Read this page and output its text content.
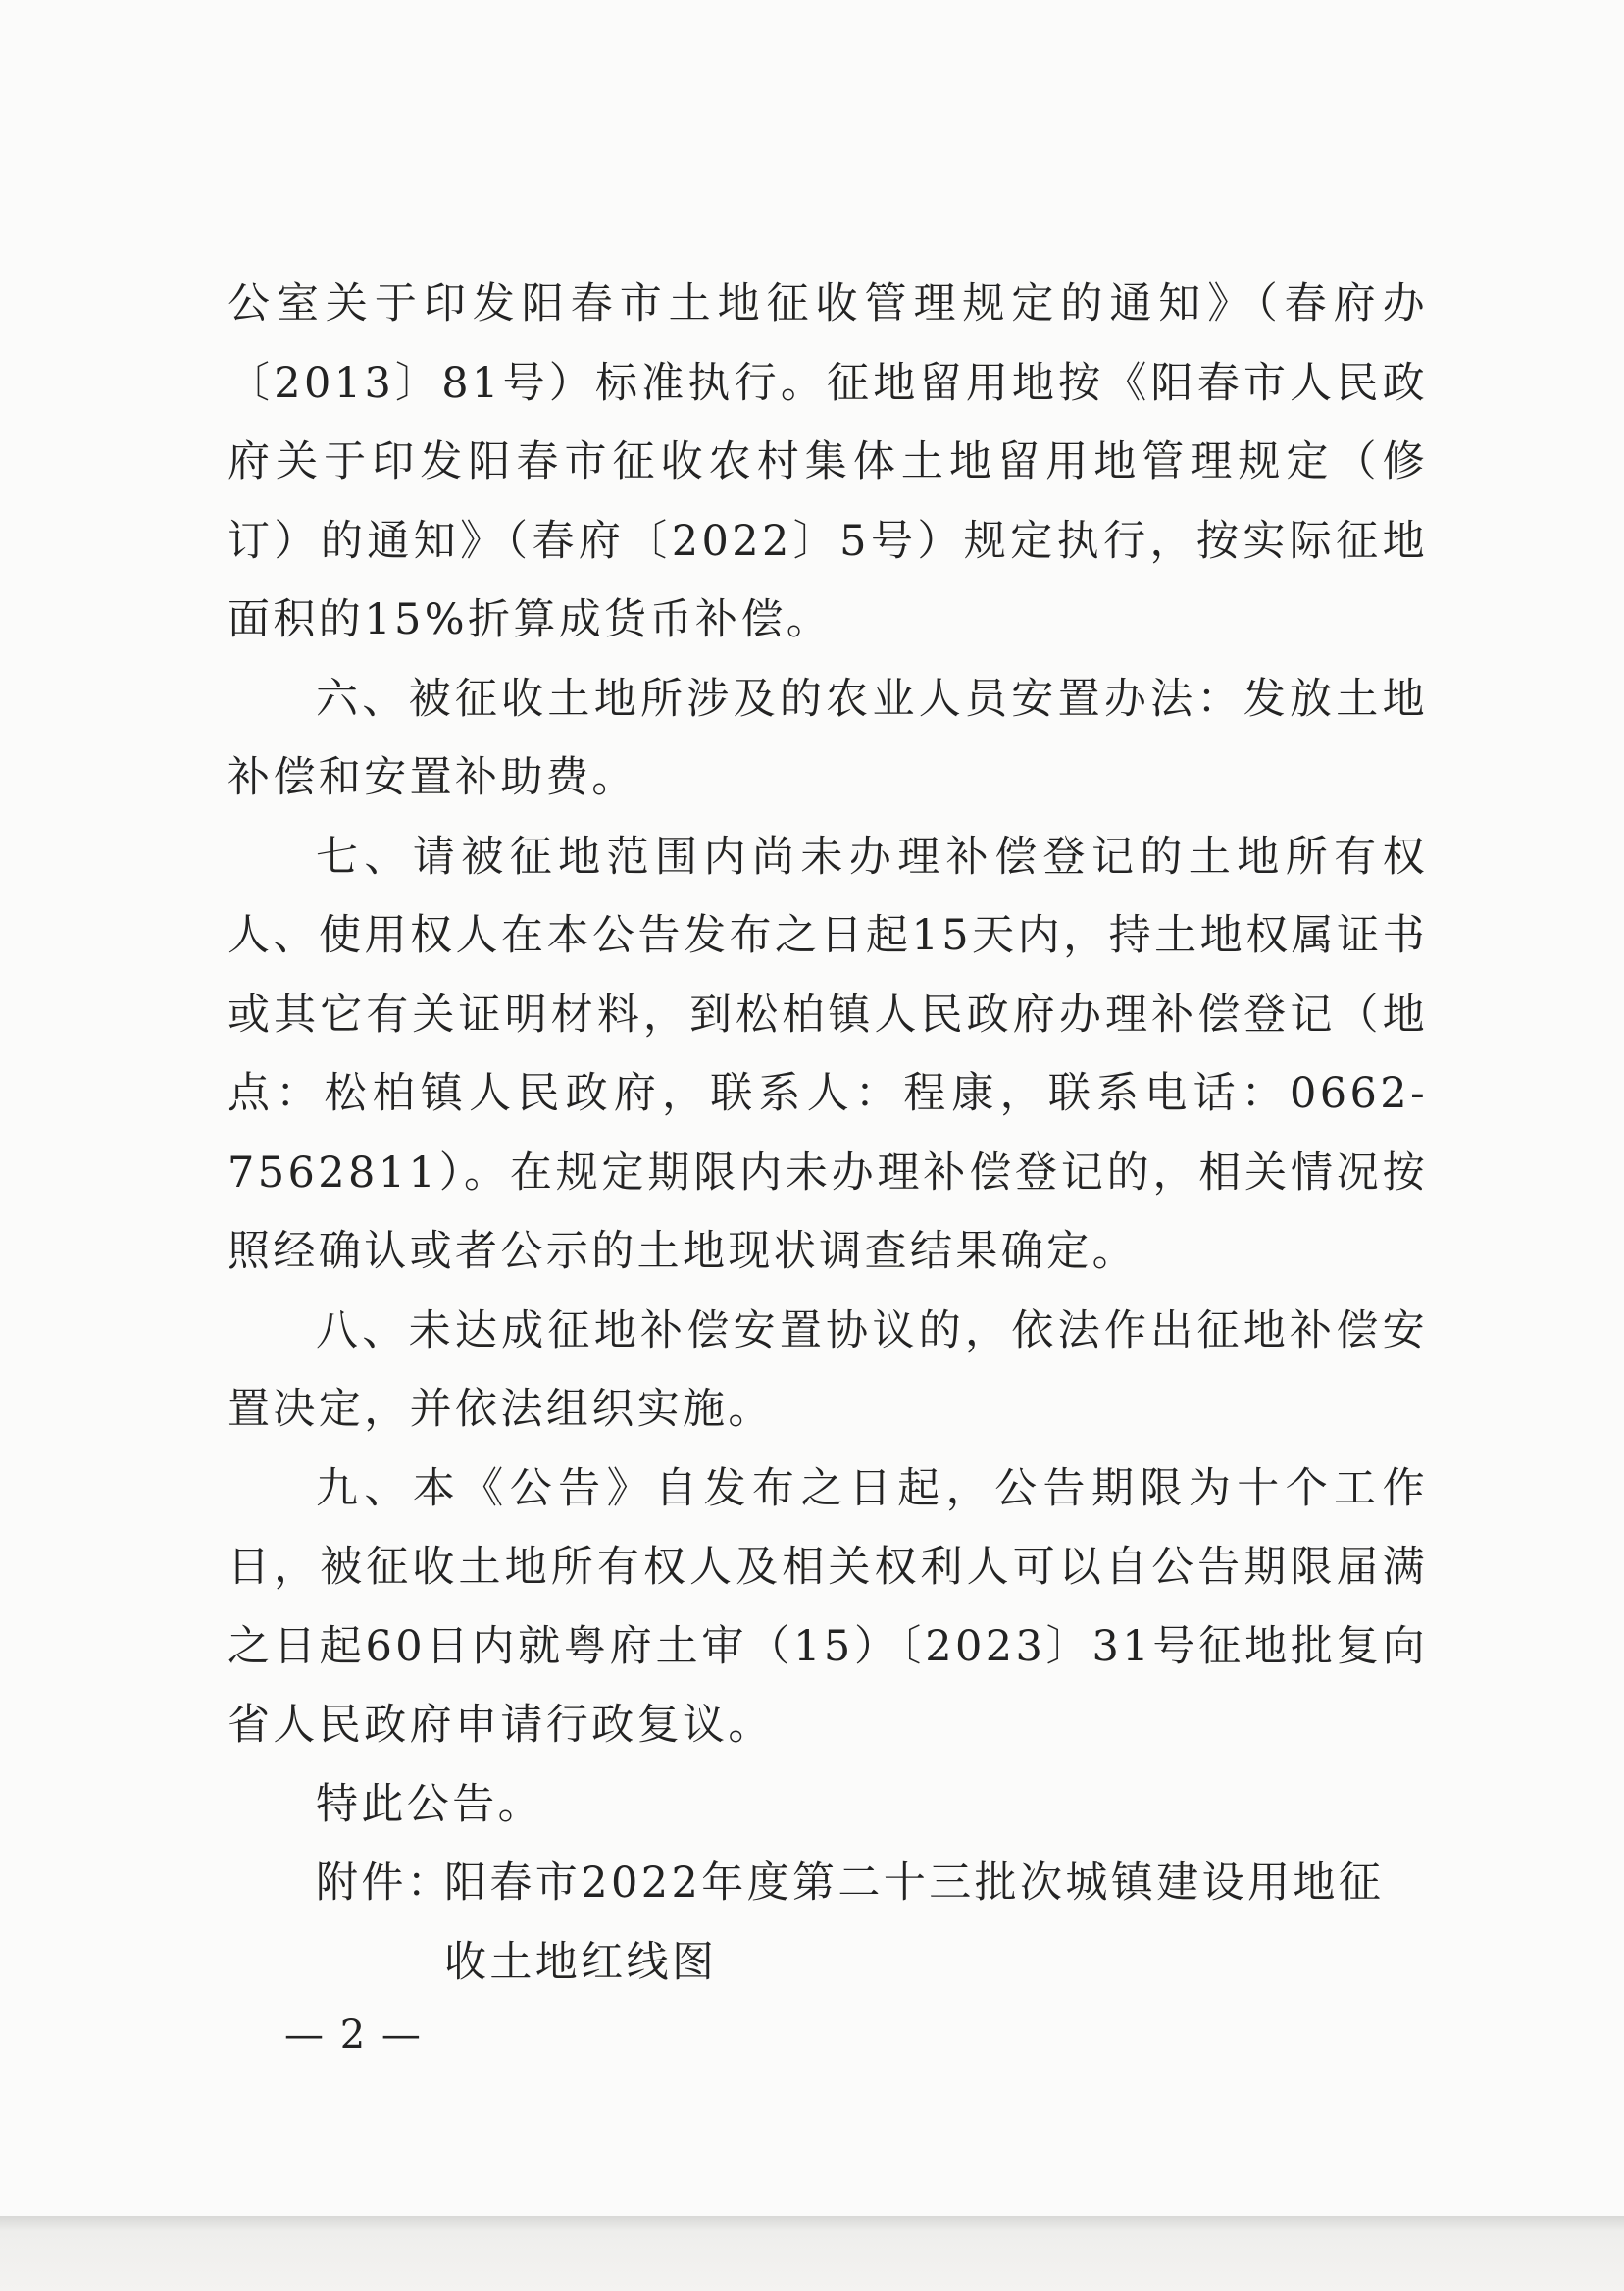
公室关于印发阳春市土地征收管理规定的通知》（春府办〔2013〕81号）标准执行。征地留用地按《阳春市人民政府关于印发阳春市征收农村集体土地留用地管理规定（修订）的通知》（春府〔2022〕5号）规定执行，按实际征地面积的15%折算成货币补偿。

六、被征收土地所涉及的农业人员安置办法：发放土地补偿和安置补助费。

七、请被征地范围内尚未办理补偿登记的土地所有权人、使用权人在本公告发布之日起15天内，持土地权属证书或其它有关证明材料，到松柏镇人民政府办理补偿登记（地点：松柏镇人民政府，联系人：程康，联系电话：0662-7562811）。在规定期限内未办理补偿登记的，相关情况按照经确认或者公示的土地现状调查结果确定。

八、未达成征地补偿安置协议的，依法作出征地补偿安置决定，并依法组织实施。

九、本《公告》自发布之日起，公告期限为十个工作日，被征收土地所有权人及相关权利人可以自公告期限届满之日起60日内就粤府土审（15）〔2023〕31号征地批复向省人民政府申请行政复议。

特此公告。

附件：
阳春市2022年度第二十三批次城镇建设用地征收土地红线图
— 2 —
